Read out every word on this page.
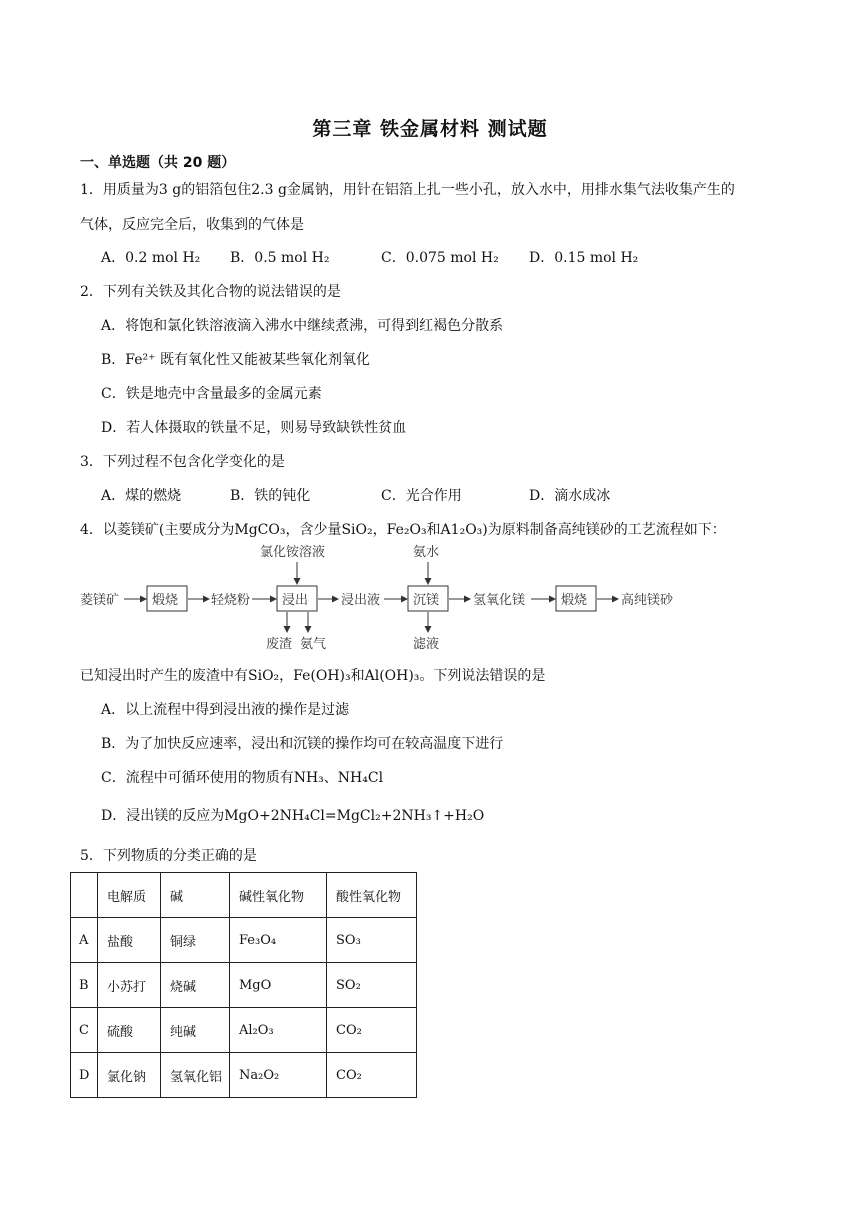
第三章 铁金属材料 测试题
一、单选题（共 20 题）
1．用质量为3 g的铝箔包住2.3 g金属钠，用针在铝箔上扎一些小孔，放入水中，用排水集气法收集产生的
气体，反应完全后，收集到的气体是
A．0.2 mol H₂ B．0.5 mol H₂	C．0.075 mol H₂ D．0.15 mol H₂
2．下列有关铁及其化合物的说法错误的是
A．将饱和氯化铁溶液滴入沸水中继续煮沸，可得到红褐色分散系
B．Fe²⁺ 既有氧化性又能被某些氧化剂氧化
C．铁是地壳中含量最多的金属元素
D．若人体摄取的铁量不足，则易导致缺铁性贫血
3．下列过程不包含化学变化的是
A．煤的燃烧	B．铁的钝化	C．光合作用	D．滴水成冰
4．以菱镁矿(主要成分为MgCO₃，含少量SiO₂，Fe₂O₃和A1₂O₃)为原料制备高纯镁砂的工艺流程如下：
菱镁矿	煅烧	轻烧粉
氯化铵溶液
浸出
废渣 氨气
浸出液
氨水
沉镁
滤液
氢氧化镁	煅烧	高纯镁砂
已知浸出时产生的废渣中有SiO₂，Fe(OH)₃和Al(OH)₃。下列说法错误的是
A．以上流程中得到浸出液的操作是过滤
B．为了加快反应速率，浸出和沉镁的操作均可在较高温度下进行
C．流程中可循环使用的物质有NH₃、NH₄Cl
D．浸出镁的反应为MgO+2NH₄Cl=MgCl₂+2NH₃↑+H₂O
5．下列物质的分类正确的是
	电解质	碱	碱性氧化物	酸性氧化物
A	盐酸	铜绿	Fe₃O₄	SO₃
B	小苏打	烧碱	MgO	SO₂
C	硫酸	纯碱	Al₂O₃	CO₂
D	氯化钠	氢氧化铝	Na₂O₂	CO₂
